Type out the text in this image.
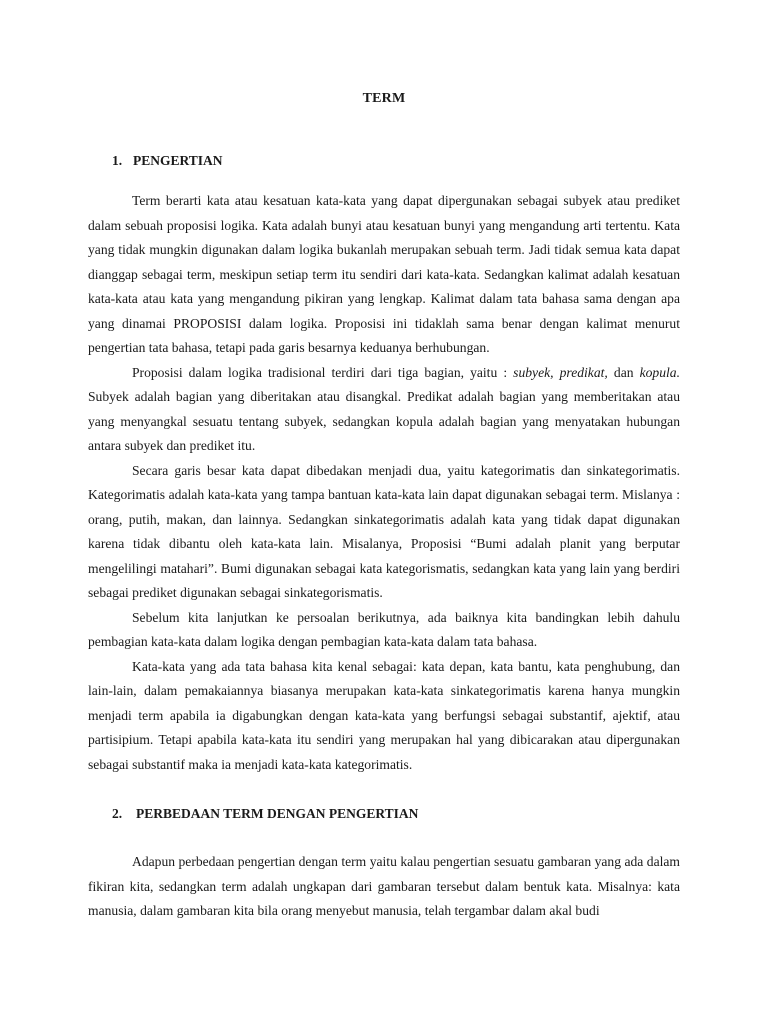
TERM
1. PENGERTIAN

Term berarti kata atau kesatuan kata-kata yang dapat dipergunakan sebagai subyek atau prediket dalam sebuah proposisi logika. Kata adalah bunyi atau kesatuan bunyi yang mengandung arti tertentu. Kata yang tidak mungkin digunakan dalam logika bukanlah merupakan sebuah term. Jadi tidak semua kata dapat dianggap sebagai term, meskipun setiap term itu sendiri dari kata-kata. Sedangkan kalimat adalah kesatuan kata-kata atau kata yang mengandung pikiran yang lengkap. Kalimat dalam tata bahasa sama dengan apa yang dinamai PROPOSISI dalam logika. Proposisi ini tidaklah sama benar dengan kalimat menurut pengertian tata bahasa, tetapi pada garis besarnya keduanya berhubungan.

Proposisi dalam logika tradisional terdiri dari tiga bagian, yaitu : subyek, predikat, dan kopula. Subyek adalah bagian yang diberitakan atau disangkal. Predikat adalah bagian yang memberitakan atau yang menyangkal sesuatu tentang subyek, sedangkan kopula adalah bagian yang menyatakan hubungan antara subyek dan prediket itu.

Secara garis besar kata dapat dibedakan menjadi dua, yaitu kategorimatis dan sinkategorimatis. Kategorimatis adalah kata-kata yang tampa bantuan kata-kata lain dapat digunakan sebagai term. Mislanya : orang, putih, makan, dan lainnya. Sedangkan sinkategorimatis adalah kata yang tidak dapat digunakan karena tidak dibantu oleh kata-kata lain. Misalanya, Proposisi “Bumi adalah planit yang berputar mengelilingi matahari”. Bumi digunakan sebagai kata kategorismatis, sedangkan kata yang lain yang berdiri sebagai prediket digunakan sebagai sinkategorismatis.

Sebelum kita lanjutkan ke persoalan berikutnya, ada baiknya kita bandingkan lebih dahulu pembagian kata-kata dalam logika dengan pembagian kata-kata dalam tata bahasa.

Kata-kata yang ada tata bahasa kita kenal sebagai: kata depan, kata bantu, kata penghubung, dan lain-lain, dalam pemakaiannya biasanya merupakan kata-kata sinkategorimatis karena hanya mungkin menjadi term apabila ia digabungkan dengan kata-kata yang berfungsi sebagai substantif, ajektif, atau partisipium. Tetapi apabila kata-kata itu sendiri yang merupakan hal yang dibicarakan atau dipergunakan sebagai substantif maka ia menjadi kata-kata kategorimatis.

2. PERBEDAAN TERM DENGAN PENGERTIAN

Adapun perbedaan pengertian dengan term yaitu kalau pengertian sesuatu gambaran yang ada dalam fikiran kita, sedangkan term adalah ungkapan dari gambaran tersebut dalam bentuk kata. Misalnya: kata manusia, dalam gambaran kita bila orang menyebut manusia, telah tergambar dalam akal budi
